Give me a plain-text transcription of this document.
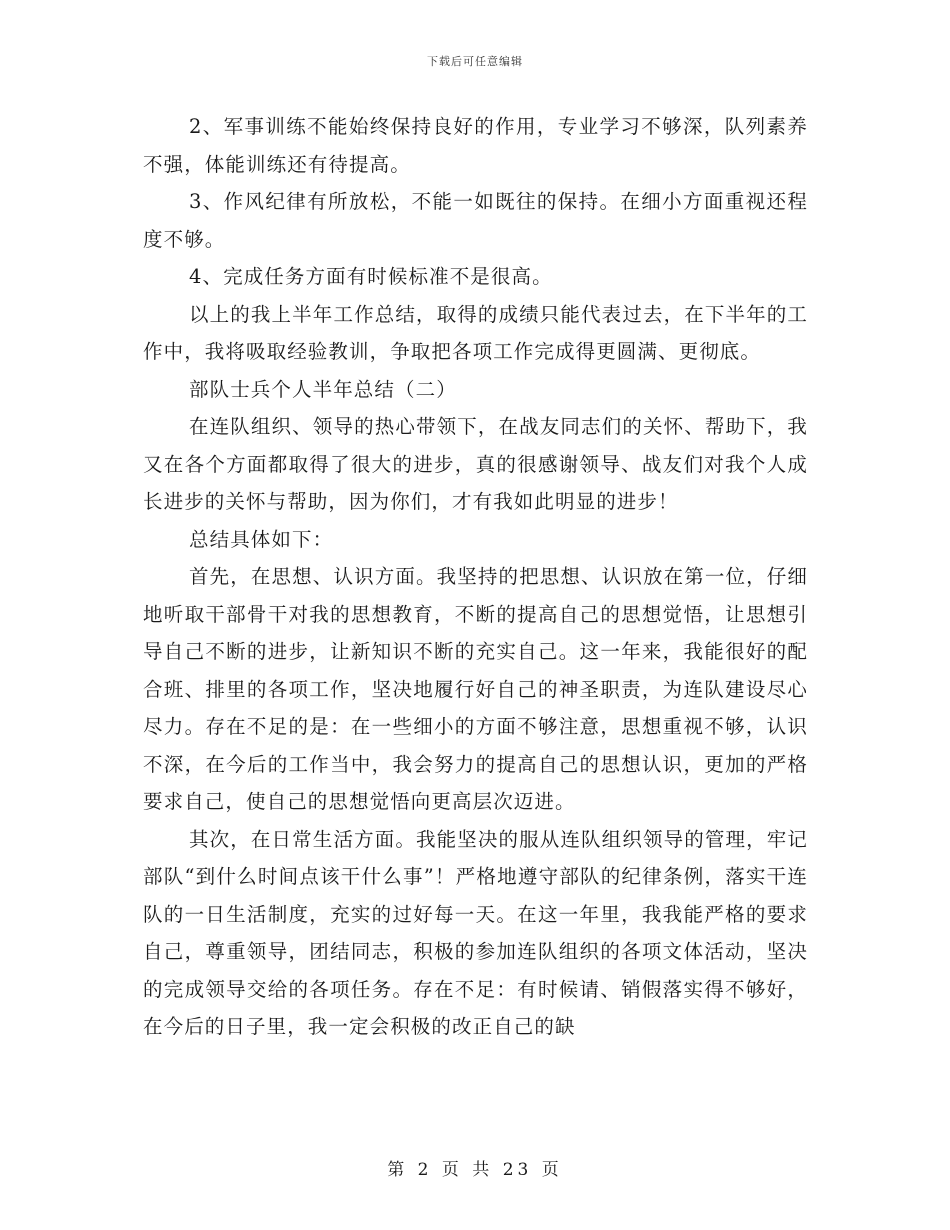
下载后可任意编辑

2、军事训练不能始终保持良好的作用，专业学习不够深，队列素养不强，体能训练还有待提高。

3、作风纪律有所放松，不能一如既往的保持。在细小方面重视还程度不够。

4、完成任务方面有时候标准不是很高。

以上的我上半年工作总结，取得的成绩只能代表过去，在下半年的工作中，我将吸取经验教训，争取把各项工作完成得更圆满、更彻底。

部队士兵个人半年总结（二）

在连队组织、领导的热心带领下，在战友同志们的关怀、帮助下，我又在各个方面都取得了很大的进步，真的很感谢领导、战友们对我个人成长进步的关怀与帮助，因为你们，才有我如此明显的进步！

总结具体如下：

首先，在思想、认识方面。我坚持的把思想、认识放在第一位，仔细地听取干部骨干对我的思想教育，不断的提高自己的思想觉悟，让思想引导自己不断的进步，让新知识不断的充实自己。这一年来，我能很好的配合班、排里的各项工作，坚决地履行好自己的神圣职责，为连队建设尽心尽力。存在不足的是：在一些细小的方面不够注意，思想重视不够，认识不深，在今后的工作当中，我会努力的提高自己的思想认识，更加的严格要求自己，使自己的思想觉悟向更高层次迈进。

其次，在日常生活方面。我能坚决的服从连队组织领导的管理，牢记部队“到什么时间点该干什么事”！严格地遵守部队的纪律条例，落实干连队的一日生活制度，充实的过好每一天。在这一年里，我我能严格的要求自己，尊重领导，团结同志，积极的参加连队组织的各项文体活动，坚决的完成领导交给的各项任务。存在不足：有时候请、销假落实得不够好，在今后的日子里，我一定会积极的改正自己的缺

第 2 页 共 23 页
